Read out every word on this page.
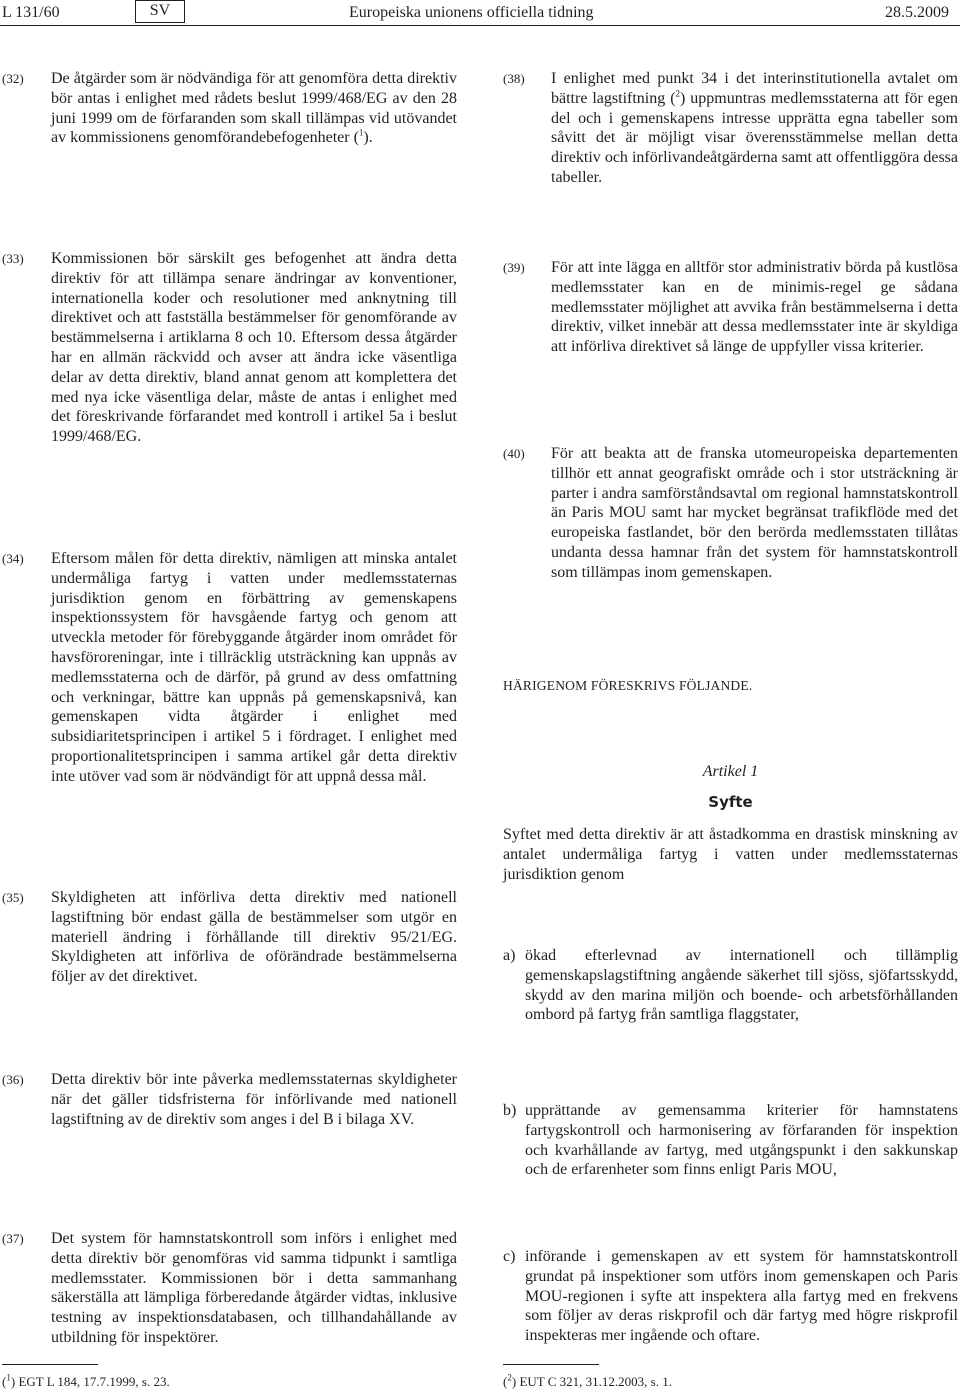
L 131/60	SV	Europeiska unionens officiella tidning	28.5.2009
(32) De åtgärder som är nödvändiga för att genomföra detta direktiv bör antas i enlighet med rådets beslut 1999/468/EG av den 28 juni 1999 om de förfaranden som skall tillämpas vid utövandet av kommissionens genomförandebefogenheter ($^1$).
(33) Kommissionen bör särskilt ges befogenhet att ändra detta direktiv för att tillämpa senare ändringar av konventioner, internationella koder och resolutioner med anknytning till direktivet och att fastställa bestämmelser för genomförande av bestämmelserna i artiklarna 8 och 10. Eftersom dessa åtgärder har en allmän räckvidd och avser att ändra icke väsentliga delar av detta direktiv, bland annat genom att komplettera det med nya icke väsentliga delar, måste de antas i enlighet med det föreskrivande förfarandet med kontroll i artikel 5a i beslut 1999/468/EG.
(34) Eftersom målen för detta direktiv, nämligen att minska antalet undermåliga fartyg i vatten under medlemsstaternas jurisdiktion genom en förbättring av gemenskapens inspektionssystem för havsgående fartyg och genom att utveckla metoder för förebyggande åtgärder inom området för havsföroreningar, inte i tillräcklig utsträckning kan uppnås av medlemsstaterna och de därför, på grund av dess omfattning och verkningar, bättre kan uppnås på gemenskapsnivå, kan gemenskapen vidta åtgärder i enlighet med subsidiaritetsprincipen i artikel 5 i fördraget. I enlighet med proportionalitetsprincipen i samma artikel går detta direktiv inte utöver vad som är nödvändigt för att uppnå dessa mål.
(35) Skyldigheten att införliva detta direktiv med nationell lagstiftning bör endast gälla de bestämmelser som utgör en materiell ändring i förhållande till direktiv 95/21/EG. Skyldigheten att införliva de oförändrade bestämmelserna följer av det direktivet.
(36) Detta direktiv bör inte påverka medlemsstaternas skyldigheter när det gäller tidsfristerna för införlivande med nationell lagstiftning av de direktiv som anges i del B i bilaga XV.
(37) Det system för hamnstatskontroll som införs i enlighet med detta direktiv bör genomföras vid samma tidpunkt i samtliga medlemsstater. Kommissionen bör i detta sammanhang säkerställa att lämpliga förberedande åtgärder vidtas, inklusive testning av inspektionsdatabasen, och tillhandahållande av utbildning för inspektörer.
($^1$) EGT L 184, 17.7.1999, s. 23.
(38) I enlighet med punkt 34 i det interinstitutionella avtalet om bättre lagstiftning ($^2$) uppmuntras medlemsstaterna att för egen del och i gemenskapens intresse upprätta egna tabeller som såvitt det är möjligt visar överensstämmelse mellan detta direktiv och införlivandeåtgärderna samt att offentliggöra dessa tabeller.
(39) För att inte lägga en alltför stor administrativ börda på kustlösa medlemsstater kan en de minimis-regel ge sådana medlemsstater möjlighet att avvika från bestämmelserna i detta direktiv, vilket innebär att dessa medlemsstater inte är skyldiga att införliva direktivet så länge de uppfyller vissa kriterier.
(40) För att beakta att de franska utomeuropeiska departementen tillhör ett annat geografiskt område och i stor utsträckning är parter i andra samförståndsavtal om regional hamnstatskontroll än Paris MOU samt har mycket begränsat trafikflöde med det europeiska fastlandet, bör den berörda medlemsstaten tillåtas undanta dessa hamnar från det system för hamnstatskontroll som tillämpas inom gemenskapen.
HÄRIGENOM FÖRESKRIVS FÖLJANDE.
Artikel 1
Syfte
Syftet med detta direktiv är att åstadkomma en drastisk minskning av antalet undermåliga fartyg i vatten under medlemsstaternas jurisdiktion genom
a) ökad efterlevnad av internationell och tillämplig gemenskapslagstiftning angående säkerhet till sjöss, sjöfartsskydd, skydd av den marina miljön och boende- och arbetsförhållanden ombord på fartyg från samtliga flaggstater,
b) upprättande av gemensamma kriterier för hamnstatens fartygskontroll och harmonisering av förfaranden för inspektion och kvarhållande av fartyg, med utgångspunkt i den sakkunskap och de erfarenheter som finns enligt Paris MOU,
c) införande i gemenskapen av ett system för hamnstatskontroll grundat på inspektioner som utförs inom gemenskapen och Paris MOU-regionen i syfte att inspektera alla fartyg med en frekvens som följer av deras riskprofil och där fartyg med högre riskprofil inspekteras mer ingående och oftare.
($^2$) EUT C 321, 31.12.2003, s. 1.
